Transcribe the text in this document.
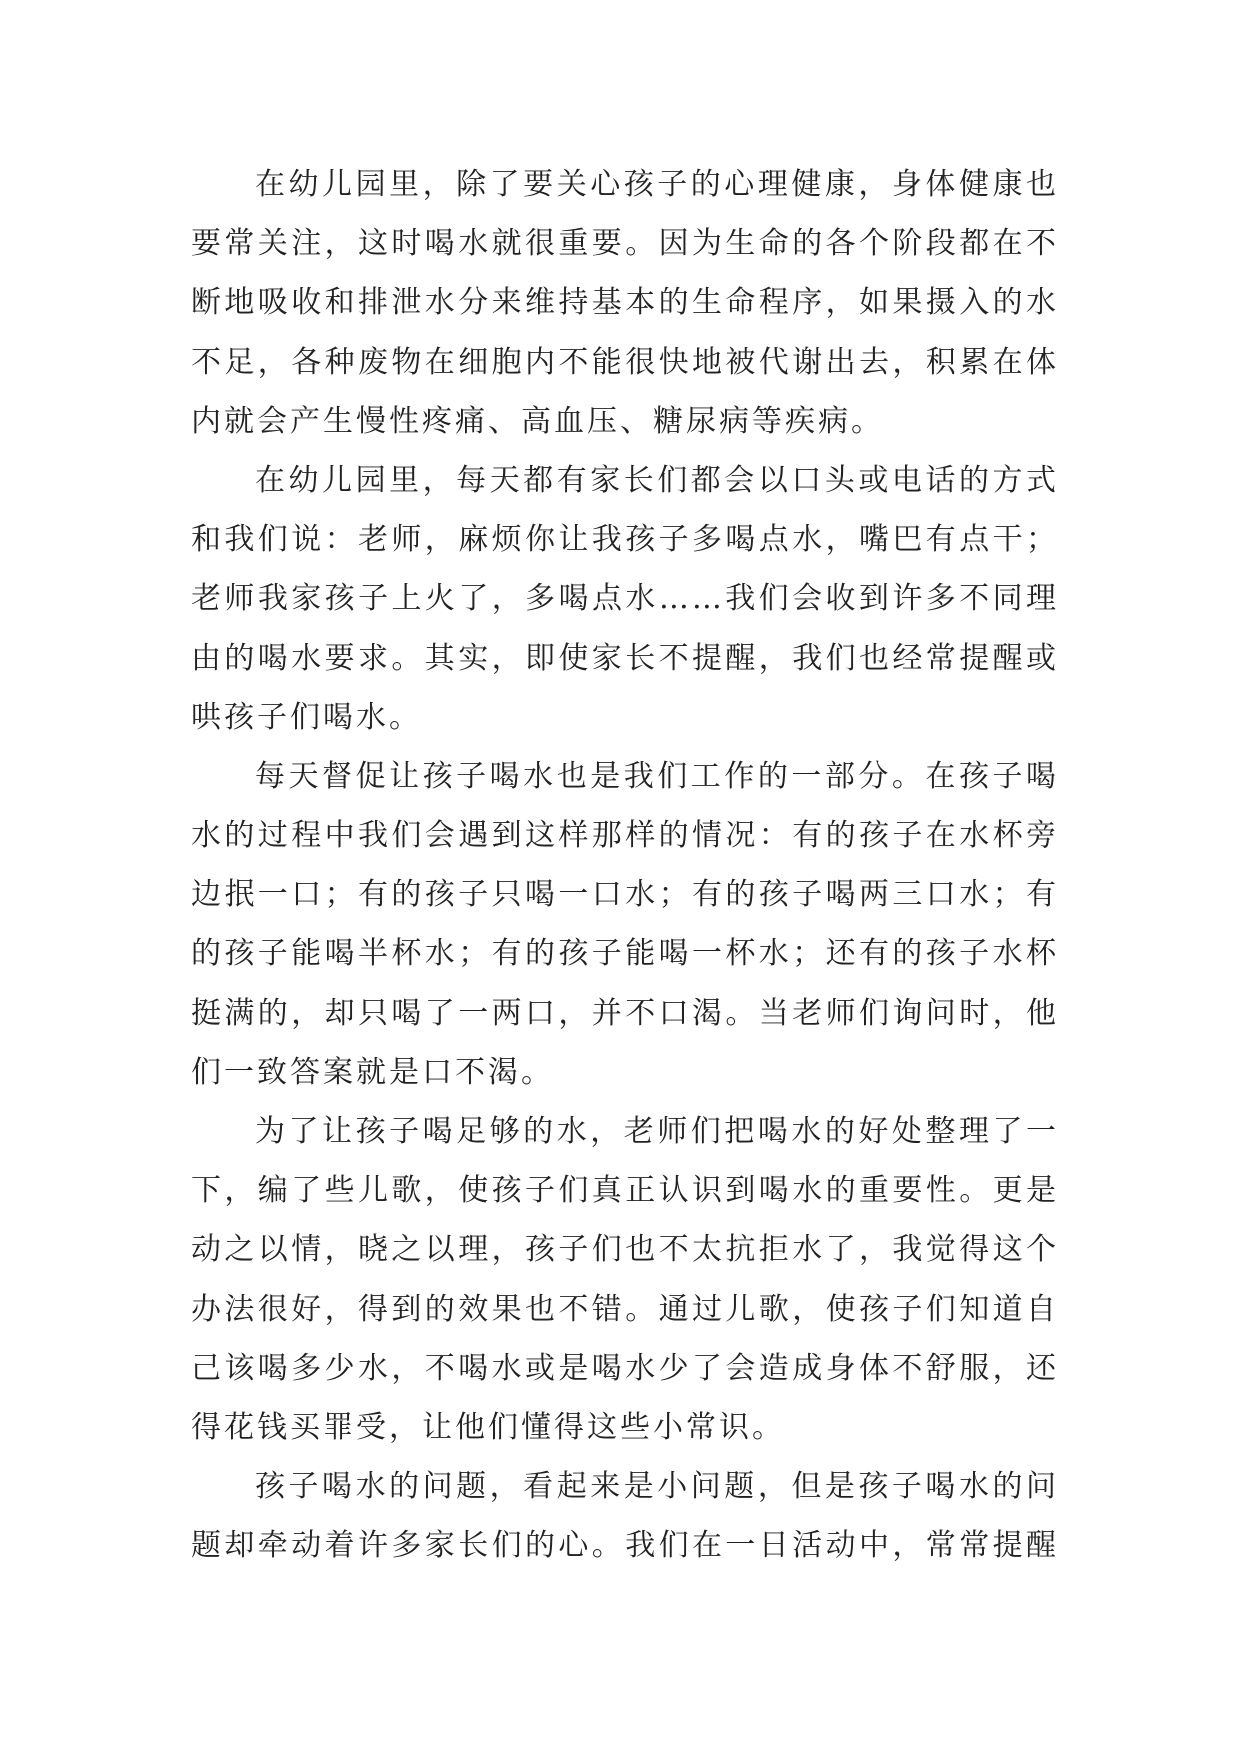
在幼儿园里，除了要关心孩子的心理健康，身体健康也
要常关注，这时喝水就很重要。因为生命的各个阶段都在不
断地吸收和排泄水分来维持基本的生命程序，如果摄入的水
不足，各种废物在细胞内不能很快地被代谢出去，积累在体
内就会产生慢性疼痛、高血压、糖尿病等疾病。
在幼儿园里，每天都有家长们都会以口头或电话的方式
和我们说：老师，麻烦你让我孩子多喝点水，嘴巴有点干；
老师我家孩子上火了，多喝点水……我们会收到许多不同理
由的喝水要求。其实，即使家长不提醒，我们也经常提醒或
哄孩子们喝水。
每天督促让孩子喝水也是我们工作的一部分。在孩子喝
水的过程中我们会遇到这样那样的情况：有的孩子在水杯旁
边抿一口；有的孩子只喝一口水；有的孩子喝两三口水；有
的孩子能喝半杯水；有的孩子能喝一杯水；还有的孩子水杯
挺满的，却只喝了一两口，并不口渴。当老师们询问时，他
们一致答案就是口不渴。
为了让孩子喝足够的水，老师们把喝水的好处整理了一
下，编了些儿歌，使孩子们真正认识到喝水的重要性。更是
动之以情，晓之以理，孩子们也不太抗拒水了，我觉得这个
办法很好，得到的效果也不错。通过儿歌，使孩子们知道自
己该喝多少水，不喝水或是喝水少了会造成身体不舒服，还
得花钱买罪受，让他们懂得这些小常识。
孩子喝水的问题，看起来是小问题，但是孩子喝水的问
题却牵动着许多家长们的心。我们在一日活动中，常常提醒
